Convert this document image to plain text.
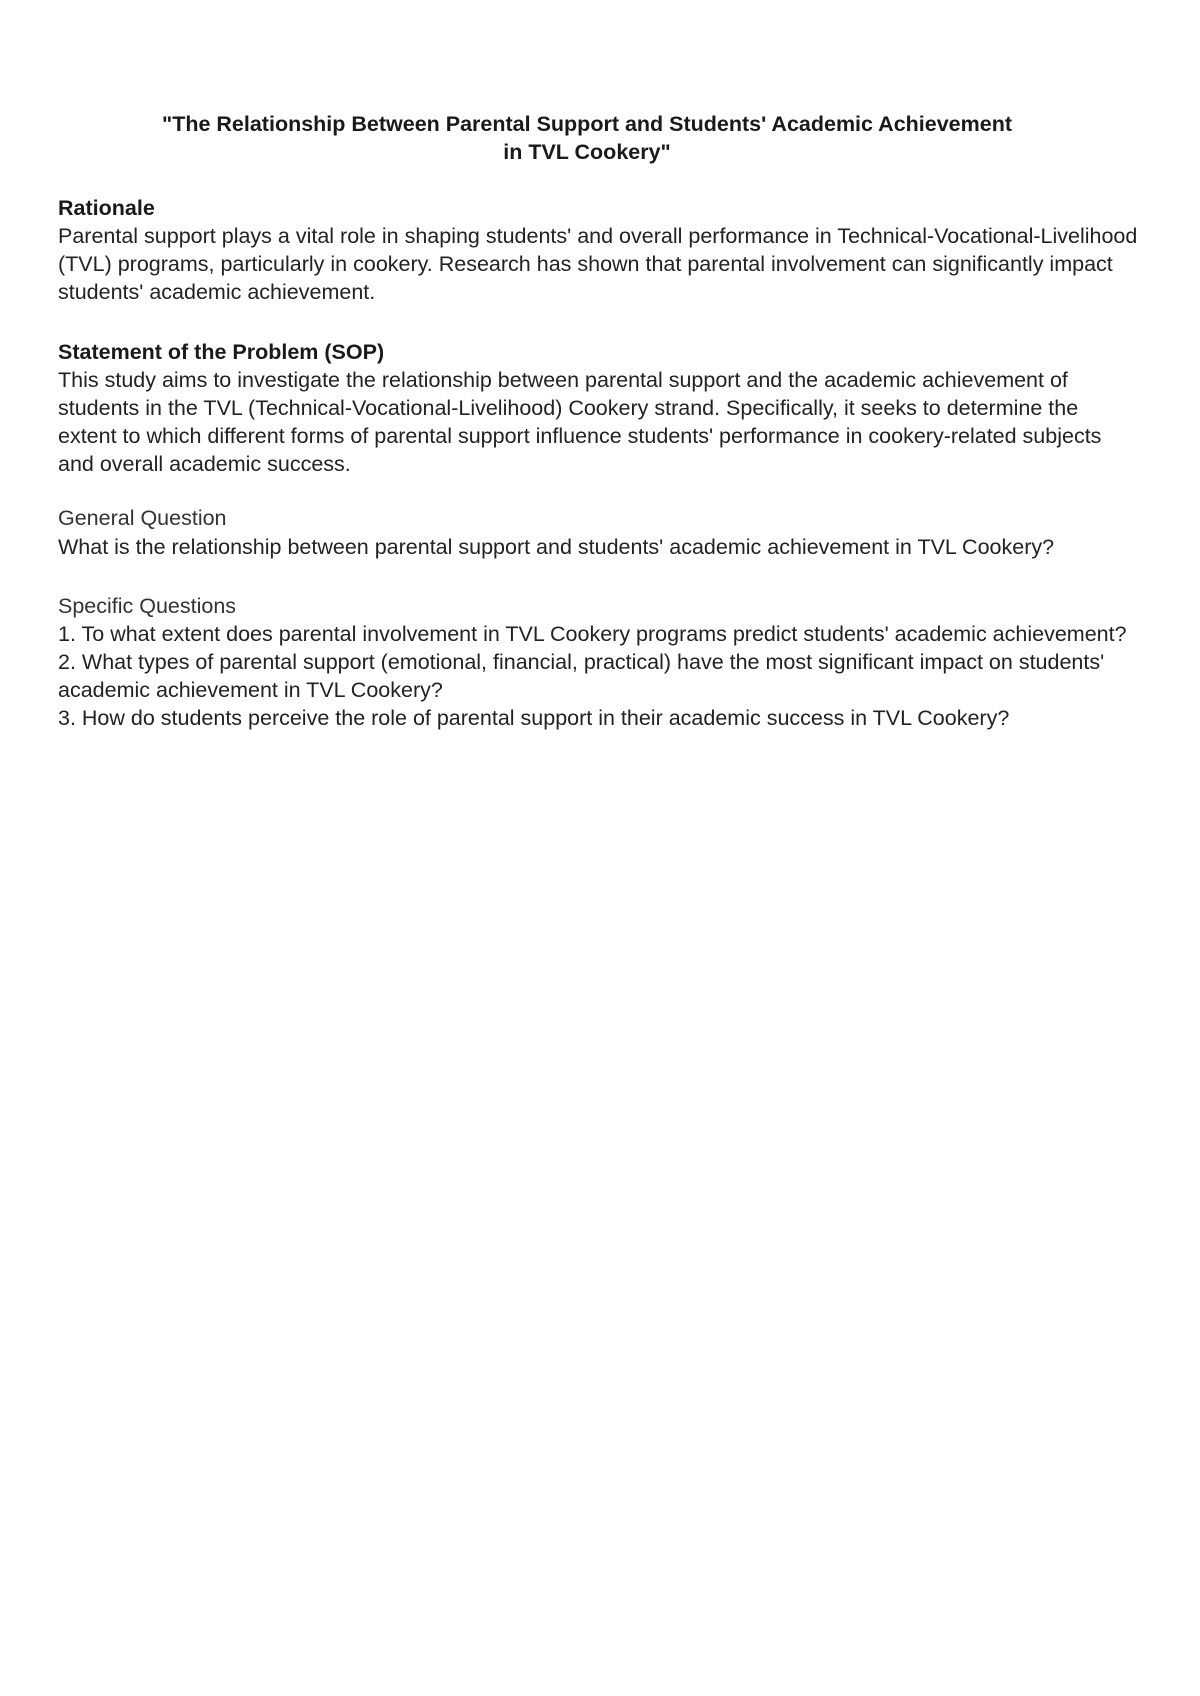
"The Relationship Between Parental Support and Students' Academic Achievement
in TVL Cookery"

Rationale

Parental support plays a vital role in shaping students' and overall performance in Technical-Vocational-Livelihood (TVL) programs, particularly in cookery. Research has shown that parental involvement can significantly impact students' academic achievement.

Statement of the Problem (SOP)

This study aims to investigate the relationship between parental support and the academic achievement of students in the TVL (Technical-Vocational-Livelihood) Cookery strand. Specifically, it seeks to determine the extent to which different forms of parental support influence students' performance in cookery-related subjects and overall academic success.

General Question

What is the relationship between parental support and students' academic achievement in TVL Cookery?

Specific Questions

1. To what extent does parental involvement in TVL Cookery programs predict students' academic achievement?
2. What types of parental support (emotional, financial, practical) have the most significant impact on students' academic achievement in TVL Cookery?
3. How do students perceive the role of parental support in their academic success in TVL Cookery?
